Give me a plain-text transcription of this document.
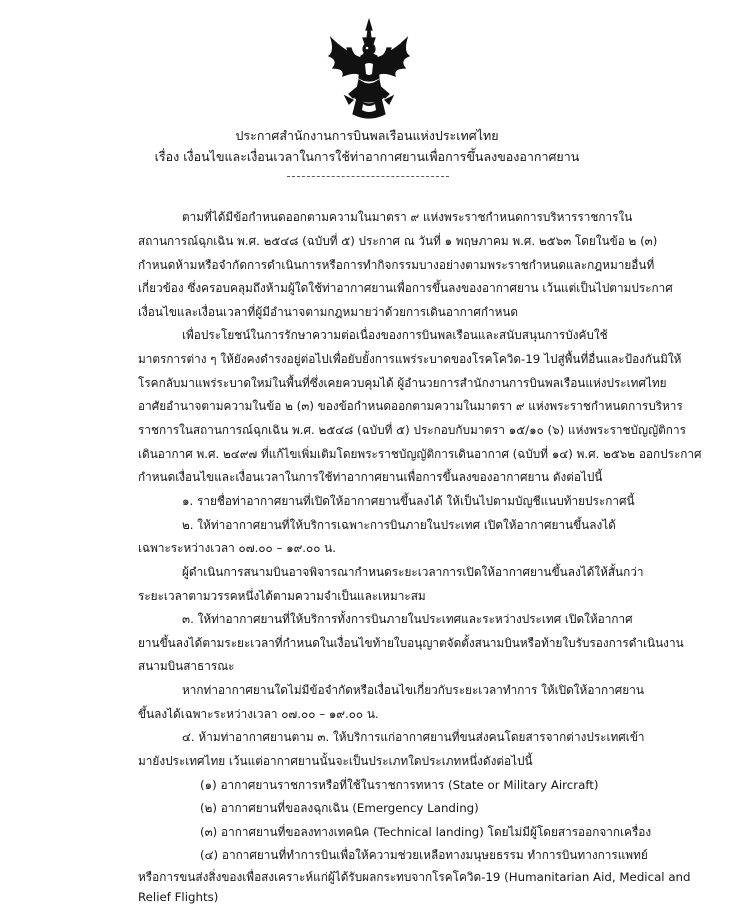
ประกาศสำนักงานการบินพลเรือนแห่งประเทศไทย
เรื่อง เงื่อนไขและเงื่อนเวลาในการใช้ท่าอากาศยานเพื่อการขึ้นลงของอากาศยาน

ตามที่ได้มีข้อกำหนดออกตามความในมาตรา ๙ แห่งพระราชกำหนดการบริหารราชการใน

สถานการณ์ฉุกเฉิน พ.ศ. ๒๕๔๘ (ฉบับที่ ๕) ประกาศ ณ วันที่ ๑ พฤษภาคม พ.ศ. ๒๕๖๓ โดยในข้อ ๒ (๓)

กำหนดห้ามหรือจำกัดการดำเนินการหรือการทำกิจกรรมบางอย่างตามพระราชกำหนดและกฎหมายอื่นที่

เกี่ยวข้อง ซึ่งครอบคลุมถึงห้ามผู้ใดใช้ท่าอากาศยานเพื่อการขึ้นลงของอากาศยาน เว้นแต่เป็นไปตามประกาศ

เงื่อนไขและเงื่อนเวลาที่ผู้มีอำนาจตามกฎหมายว่าด้วยการเดินอากาศกำหนด

เพื่อประโยชน์ในการรักษาความต่อเนื่องของการบินพลเรือนและสนับสนุนการบังคับใช้

มาตรการต่าง ๆ ให้ยังคงดำรงอยู่ต่อไปเพื่อยับยั้งการแพร่ระบาดของโรคโควิด-19 ไปสู่พื้นที่อื่นและป้องกันมิให้

โรคกลับมาแพร่ระบาดใหม่ในพื้นที่ซึ่งเคยควบคุมได้ ผู้อำนวยการสำนักงานการบินพลเรือนแห่งประเทศไทย

อาศัยอำนาจตามความในข้อ ๒ (๓) ของข้อกำหนดออกตามความในมาตรา ๙ แห่งพระราชกำหนดการบริหาร

ราชการในสถานการณ์ฉุกเฉิน พ.ศ. ๒๕๔๘ (ฉบับที่ ๕) ประกอบกับมาตรา ๑๕/๑๐ (๖) แห่งพระราชบัญญัติการ

เดินอากาศ พ.ศ. ๒๔๙๗ ที่แก้ไขเพิ่มเติมโดยพระราชบัญญัติการเดินอากาศ (ฉบับที่ ๑๔) พ.ศ. ๒๕๖๒ ออกประกาศ

กำหนดเงื่อนไขและเงื่อนเวลาในการใช้ท่าอากาศยานเพื่อการขึ้นลงของอากาศยาน ดังต่อไปนี้

๑. รายชื่อท่าอากาศยานที่เปิดให้อากาศยานขึ้นลงได้ ให้เป็นไปตามบัญชีแนบท้ายประกาศนี้

๒. ให้ท่าอากาศยานที่ให้บริการเฉพาะการบินภายในประเทศ เปิดให้อากาศยานขึ้นลงได้

เฉพาะระหว่างเวลา ๐๗.๐๐ – ๑๙.๐๐ น.

ผู้ดำเนินการสนามบินอาจพิจารณากำหนดระยะเวลาการเปิดให้อากาศยานขึ้นลงได้ให้สั้นกว่า

ระยะเวลาตามวรรคหนึ่งได้ตามความจำเป็นและเหมาะสม

๓. ให้ท่าอากาศยานที่ให้บริการทั้งการบินภายในประเทศและระหว่างประเทศ เปิดให้อากาศ

ยานขึ้นลงได้ตามระยะเวลาที่กำหนดในเงื่อนไขท้ายใบอนุญาตจัดตั้งสนามบินหรือท้ายใบรับรองการดำเนินงาน

สนามบินสาธารณะ

หากท่าอากาศยานใดไม่มีข้อจำกัดหรือเงื่อนไขเกี่ยวกับระยะเวลาทำการ ให้เปิดให้อากาศยาน

ขึ้นลงได้เฉพาะระหว่างเวลา ๐๗.๐๐ – ๑๙.๐๐ น.

๔. ห้ามท่าอากาศยานตาม ๓. ให้บริการแก่อากาศยานที่ขนส่งคนโดยสารจากต่างประเทศเข้า

มายังประเทศไทย เว้นแต่อากาศยานนั้นจะเป็นประเภทใดประเภทหนึ่งดังต่อไปนี้

(๑) อากาศยานราชการหรือที่ใช้ในราชการทหาร (State or Military Aircraft)

(๒) อากาศยานที่ขอลงฉุกเฉิน (Emergency Landing)

(๓) อากาศยานที่ขอลงทางเทคนิค (Technical landing) โดยไม่มีผู้โดยสารออกจากเครื่อง

(๔) อากาศยานที่ทำการบินเพื่อให้ความช่วยเหลือทางมนุษยธรรม ทำการบินทางการแพทย์

หรือการขนส่งสิ่งของเพื่อสงเคราะห์แก่ผู้ได้รับผลกระทบจากโรคโควิด-19 (Humanitarian Aid, Medical and

Relief Flights)
